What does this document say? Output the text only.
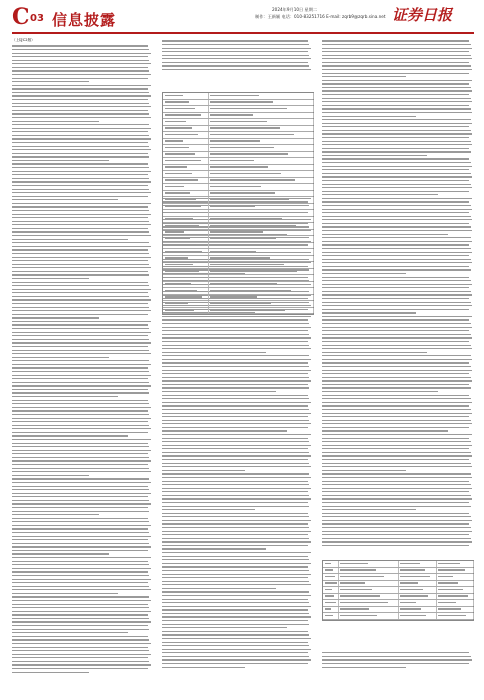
C 03 信息披露
2024年9月10日 星期二
制作：王新颖 电话：010-83251716 E-mail: zqrb9@zqrb.sina.net 证券日报
（上接C2版）
